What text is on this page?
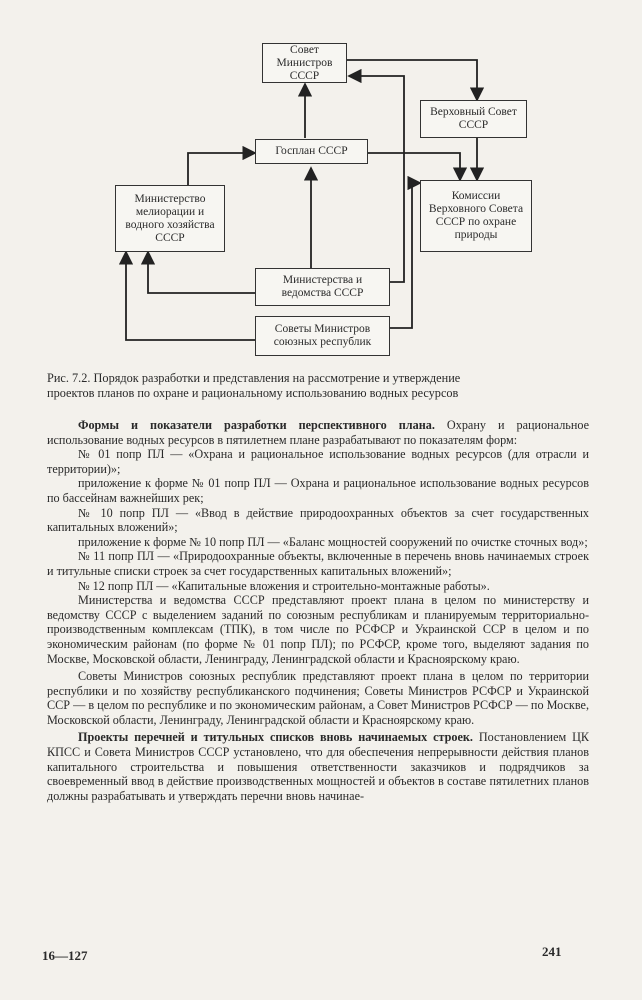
Совет Министров СССР
Верховный Совет СССР
Госплан СССР
Министерство мелиорации и водного хозяйства СССР
Комиссии Верховного Совета СССР по охране природы
Министерства и ведомства СССР
Советы Министров союзных республик
Рис. 7.2. Порядок разработки и представления на рассмотрение и утверждение

проектов планов по охране и рациональному использованию водных ресурсов

Формы и показатели разработки перспективного плана. Охрану и рациональное использование водных ресурсов в пятилетнем плане разрабатывают по показателям форм:

№ 01 попр ПЛ — «Охрана и рациональное использование водных ресурсов (для отрасли и территории)»;

приложение к форме № 01 попр ПЛ — Охрана и рациональное использование водных ресурсов по бассейнам важнейших рек;

№ 10 попр ПЛ — «Ввод в действие природоохранных объектов за счет государственных капитальных вложений»;

приложение к форме № 10 попр ПЛ — «Баланс мощностей сооружений по очистке сточных вод»;

№ 11 попр ПЛ — «Природоохранные объекты, включенные в перечень вновь начинаемых строек и титульные списки строек за счет государственных капитальных вложений»;

№ 12 попр ПЛ — «Капитальные вложения и строительно-монтажные работы».

Министерства и ведомства СССР представляют проект плана в целом по министерству и ведомству СССР с выделением заданий по союзным республикам и планируемым территориально-производственным комплексам (ТПК), в том числе по РСФСР и Украинской ССР в целом и по экономическим районам (по форме № 01 попр ПЛ); по РСФСР, кроме того, выделяют задания по Москве, Московской области, Ленинграду, Ленинградской области и Красноярскому краю.

Советы Министров союзных республик представляют проект плана в целом по территории республики и по хозяйству республиканского подчинения; Советы Министров РСФСР и Украинской ССР — в целом по республике и по экономическим районам, а Совет Министров РСФСР — по Москве, Московской области, Ленинграду, Ленинградской области и Красноярскому краю.

Проекты перечней и титульных списков вновь начинаемых строек. Постановлением ЦК КПСС и Совета Министров СССР установлено, что для обеспечения непрерывности действия планов капитального строительства и повышения ответственности заказчиков и подрядчиков за своевременный ввод в действие производственных мощностей и объектов в составе пятилетних планов должны разрабатывать и утверждать перечни вновь начинае-

16—127	241
